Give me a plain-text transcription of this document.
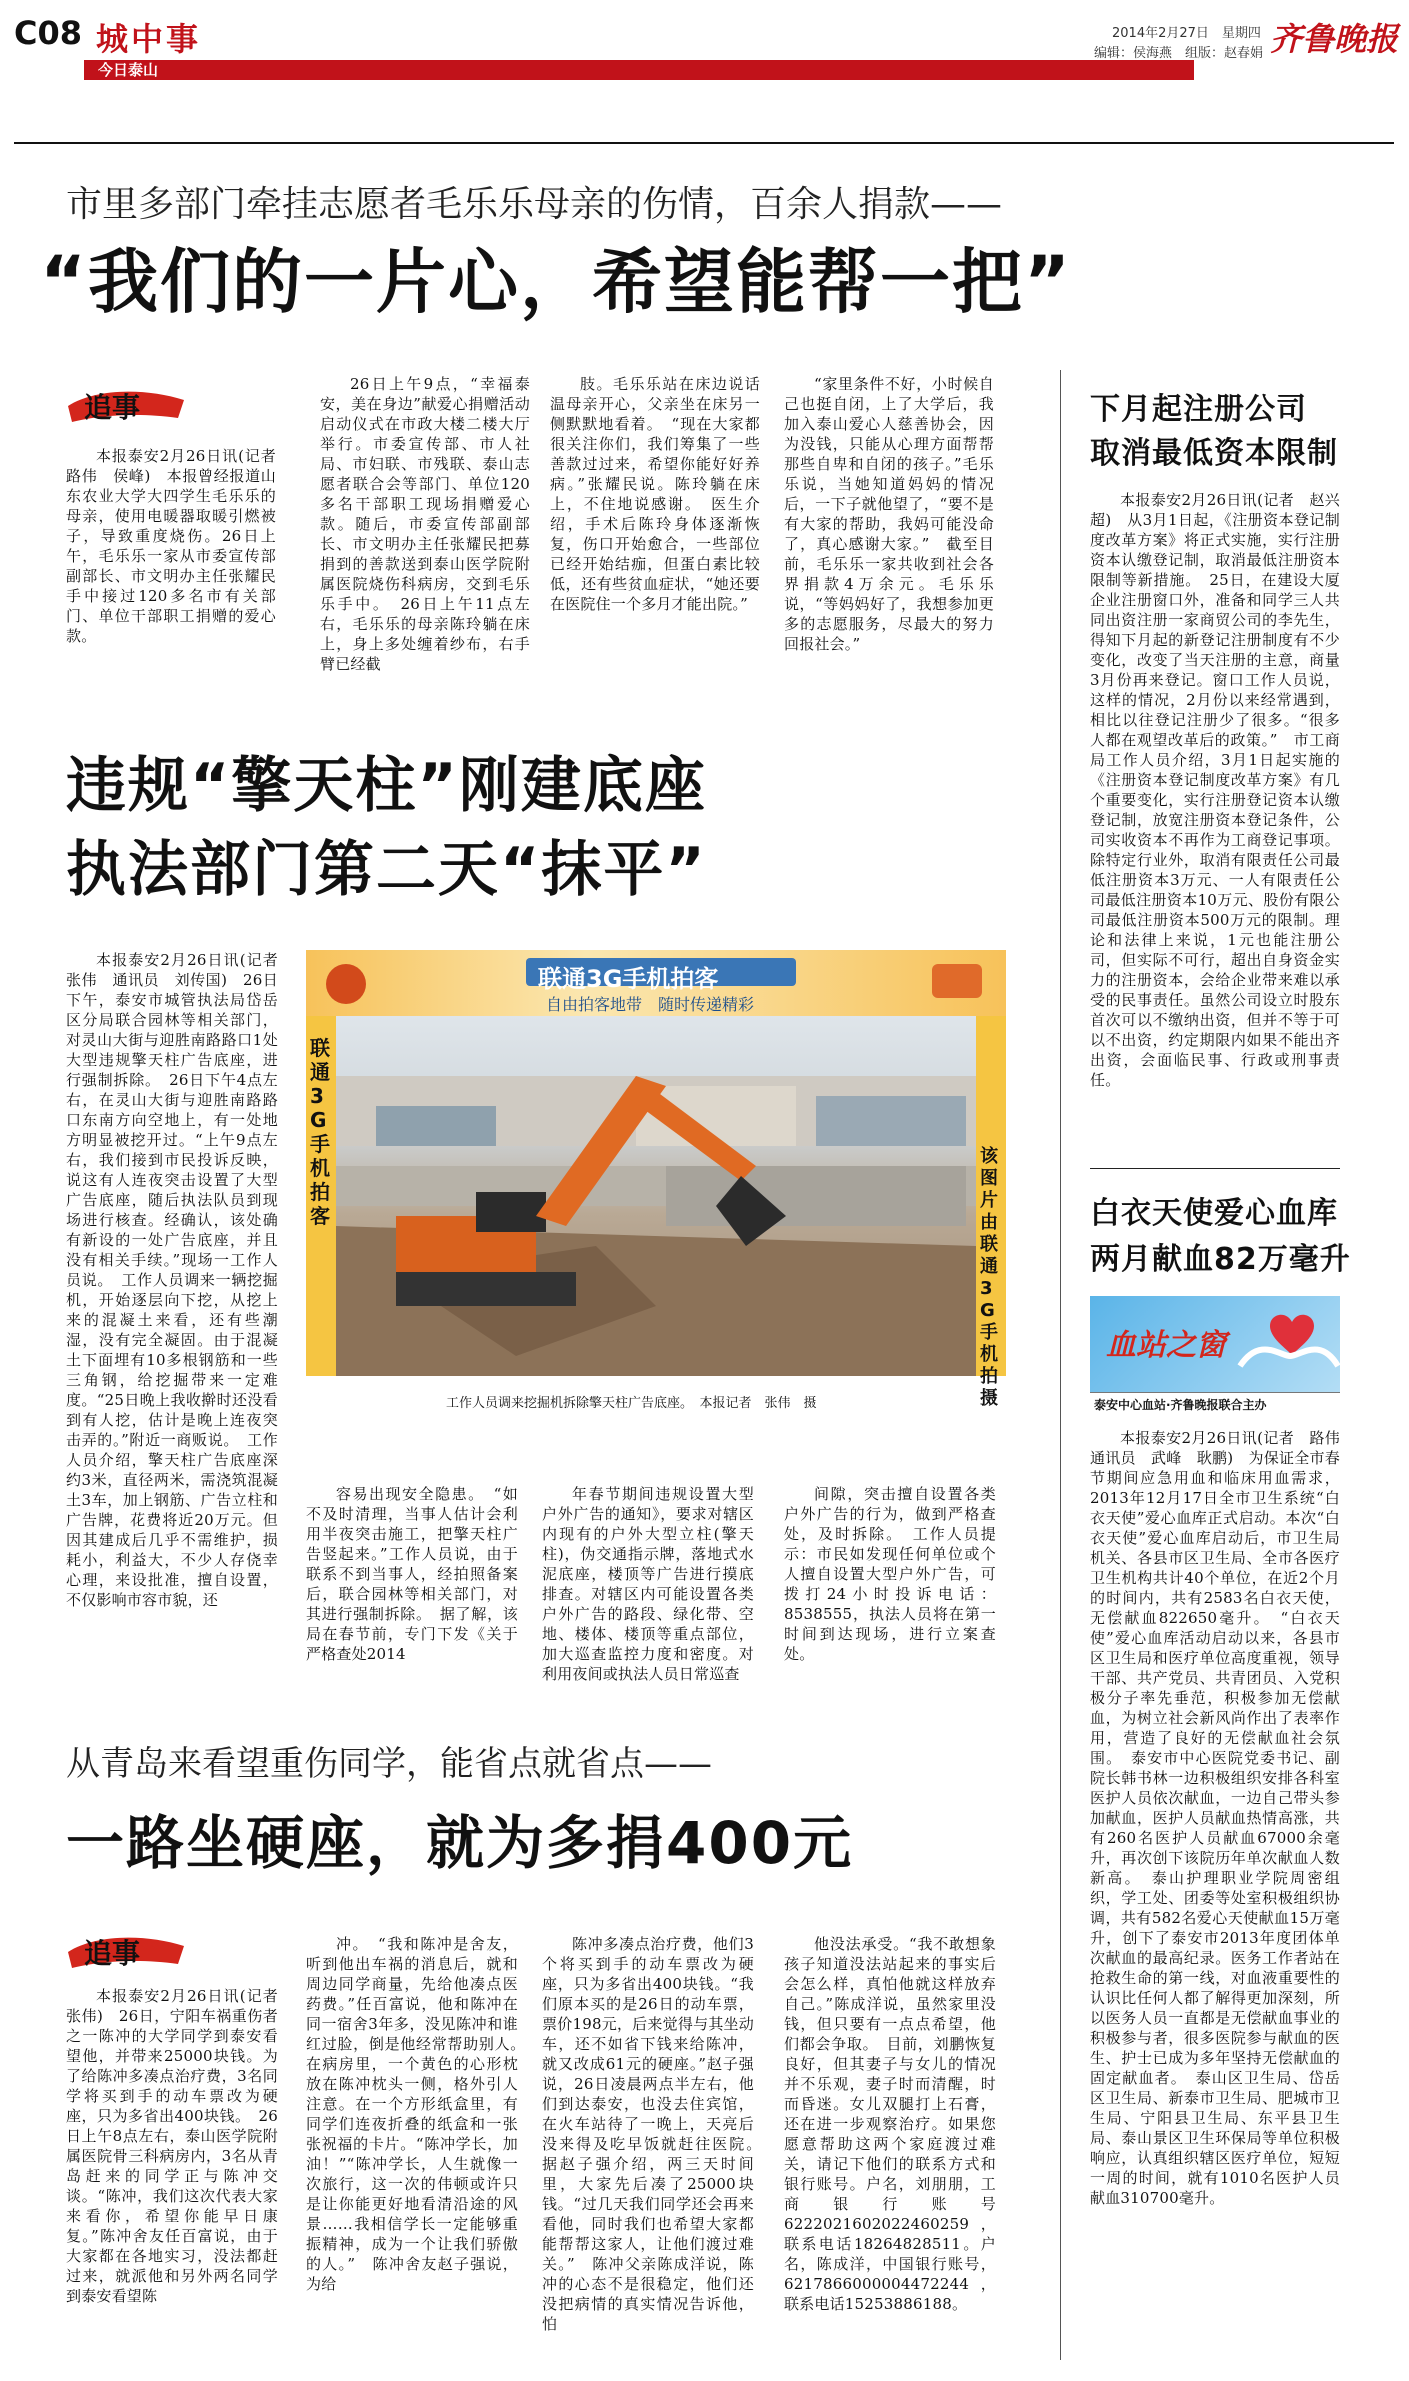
C08 城中事
今日泰山
2014年2月27日　星期四
编辑：侯海燕　组版：赵春娟 齐鲁晚报
市里多部门牵挂志愿者毛乐乐母亲的伤情，百余人捐款——
“我们的一片心，希望能帮一把”
追事

本报泰安2月26日讯(记者　路伟　侯峰)　本报曾经报道山东农业大学大四学生毛乐乐的母亲，使用电暖器取暖引燃被子，导致重度烧伤。26日上午，毛乐乐一家从市委宣传部副部长、市文明办主任张耀民手中接过120多名市有关部门、单位干部职工捐赠的爱心款。

26日上午9点，“幸福泰安，美在身边”献爱心捐赠活动启动仪式在市政大楼二楼大厅举行。市委宣传部、市人社局、市妇联、市残联、泰山志愿者联合会等部门、单位120多名干部职工现场捐赠爱心款。随后，市委宣传部副部长、市文明办主任张耀民把募捐到的善款送到泰山医学院附属医院烧伤科病房，交到毛乐乐手中。　26日上午11点左右，毛乐乐的母亲陈玲躺在床上，身上多处缠着纱布，右手臂已经截

肢。毛乐乐站在床边说话温母亲开心，父亲坐在床另一侧默默地看着。　“现在大家都很关注你们，我们筹集了一些善款过过来，希望你能好好养病。”张耀民说。陈玲躺在床上，不住地说感谢。　医生介绍，手术后陈玲身体逐渐恢复，伤口开始愈合，一些部位已经开始结痂，但蛋白素比较低，还有些贫血症状，“她还要在医院住一个多月才能出院。”

“家里条件不好，小时候自己也挺自闭，上了大学后，我加入泰山爱心人慈善协会，因为没钱，只能从心理方面帮帮那些自卑和自闭的孩子。”毛乐乐说，当她知道妈妈的情况后，一下子就他望了，“要不是有大家的帮助，我妈可能没命了，真心感谢大家。”　截至目前，毛乐乐一家共收到社会各界捐款4万余元。毛乐乐说，“等妈妈好了，我想参加更多的志愿服务，尽最大的努力回报社会。”

违规“擎天柱”刚建底座
执法部门第二天“抹平”

本报泰安2月26日讯(记者　张伟　通讯员　刘传国)　26日下午，泰安市城管执法局岱岳区分局联合园林等相关部门，对灵山大街与迎胜南路路口1处大型违规擎天柱广告底座，进行强制拆除。　26日下午4点左右，在灵山大街与迎胜南路路口东南方向空地上，有一处地方明显被挖开过。“上午9点左右，我们接到市民投诉反映，说这有人连夜突击设置了大型广告底座，随后执法队员到现场进行核查。经确认，该处确有新设的一处广告底座，并且没有相关手续。”现场一工作人员说。　工作人员调来一辆挖掘机，开始逐层向下挖，从挖上来的混凝土来看，还有些潮湿，没有完全凝固。由于混凝土下面埋有10多根钢筋和一些三角钢，给挖掘带来一定难度。“25日晚上我收擀时还没看到有人挖，估计是晚上连夜突击弄的。”附近一商贩说。　工作人员介绍，擎天柱广告底座深约3米，直径两米，需浇筑混凝土3车，加上钢筋、广告立柱和广告牌，花费将近20万元。但因其建成后几乎不需维护，损耗小，利益大，不少人存侥幸心理，来设批准，擅自设置，不仅影响市容市貌，还

联通3G手机拍客
自由拍客地带　随时传递精彩
联通3G手机拍客
该图片由联通3G手机拍摄
工作人员调来挖掘机拆除擎天柱广告底座。　本报记者　张伟　摄

容易出现安全隐患。　“如不及时清理，当事人估计会利用半夜突击施工，把擎天柱广告竖起来。”工作人员说，由于联系不到当事人，经拍照备案后，联合园林等相关部门，对其进行强制拆除。　据了解，该局在春节前，专门下发《关于严格查处2014

年春节期间违规设置大型户外广告的通知》，要求对辖区内现有的户外大型立柱(擎天柱)，伪交通指示牌，落地式水泥底座，楼顶等广告进行摸底排查。对辖区内可能设置各类户外广告的路段、绿化带、空地、楼体、楼顶等重点部位，加大巡查监控力度和密度。对利用夜间或执法人员日常巡查

间隙，突击擅自设置各类户外广告的行为，做到严格查处，及时拆除。　工作人员提示：市民如发现任何单位或个人擅自设置大型户外广告，可拨打24小时投诉电话：8538555，执法人员将在第一时间到达现场，进行立案查处。

从青岛来看望重伤同学，能省点就省点——
一路坐硬座，就为多捐400元
追事

本报泰安2月26日讯(记者　张伟)　26日，宁阳车祸重伤者之一陈冲的大学同学到泰安看望他，并带来25000块钱。为了给陈冲多凑点治疗费，3名同学将买到手的动车票改为硬座，只为多省出400块钱。　26日上午8点左右，泰山医学院附属医院骨三科病房内，3名从青岛赶来的同学正与陈冲交谈。“陈冲，我们这次代表大家来看你，希望你能早日康复。”陈冲舍友任百富说，由于大家都在各地实习，没法都赶过来，就派他和另外两名同学到泰安看望陈

冲。　“我和陈冲是舍友，听到他出车祸的消息后，就和周边同学商量，先给他凑点医药费。”任百富说，他和陈冲在同一宿舍3年多，没见陈冲和谁红过脸，倒是他经常帮助别人。　在病房里，一个黄色的心形枕放在陈冲枕头一侧，格外引人注意。在一个方形纸盒里，有同学们连夜折叠的纸盒和一张张祝福的卡片。“陈冲学长，加油！”“陈冲学长，人生就像一次旅行，这一次的伟顿或许只是让你能更好地看清沿途的风景……我相信学长一定能够重振精神，成为一个让我们骄傲的人。”　陈冲舍友赵子强说，为给

陈冲多凑点治疗费，他们3个将买到手的动车票改为硬座，只为多省出400块钱。“我们原本买的是26日的动车票，票价198元，后来觉得与其坐动车，还不如省下钱来给陈冲，就又改成61元的硬座。”赵子强说，26日凌晨两点半左右，他们到达泰安，也没去住宾馆，在火车站待了一晚上，天亮后没来得及吃早饭就赶往医院。　据赵子强介绍，两三天时间里，大家先后凑了25000块钱。“过几天我们同学还会再来看他，同时我们也希望大家都能帮帮这家人，让他们渡过难关。”　陈冲父亲陈成洋说，陈冲的心态不是很稳定，他们还没把病情的真实情况告诉他，怕

他没法承受。“我不敢想象孩子知道没法站起来的事实后会怎么样，真怕他就这样放弃自己。”陈成洋说，虽然家里没钱，但只要有一点点希望，他们都会争取。　目前，刘鹏恢复良好，但其妻子与女儿的情况并不乐观，妻子时而清醒，时而昏迷。女儿双腿打上石膏，还在进一步观察治疗。如果您愿意帮助这两个家庭渡过难关，请记下他们的联系方式和银行账号。户名，刘朋朋，工商银行账号6222021602022460259，联系电话18264828511。户名，陈成洋，中国银行账号，6217866000004472244，联系电话15253886188。

下月起注册公司
取消最低资本限制

本报泰安2月26日讯(记者　赵兴超)　从3月1日起，《注册资本登记制度改革方案》将正式实施，实行注册资本认缴登记制，取消最低注册资本限制等新措施。　25日，在建设大厦企业注册窗口外，准备和同学三人共同出资注册一家商贸公司的李先生，得知下月起的新登记注册制度有不少变化，改变了当天注册的主意，商量3月份再来登记。窗口工作人员说，这样的情况，2月份以来经常遇到，相比以往登记注册少了很多。“很多人都在观望改革后的政策。”　市工商局工作人员介绍，3月1日起实施的《注册资本登记制度改革方案》有几个重要变化，实行注册登记资本认缴登记制，放宽注册资本登记条件，公司实收资本不再作为工商登记事项。除特定行业外，取消有限责任公司最低注册资本3万元、一人有限责任公司最低注册资本10万元、股份有限公司最低注册资本500万元的限制。理论和法律上来说，1元也能注册公司，但实际不可行，超出自身资金实力的注册资本，会给企业带来难以承受的民事责任。虽然公司设立时股东首次可以不缴纳出资，但并不等于可以不出资，约定期限内如果不能出齐出资，会面临民事、行政或刑事责任。

白衣天使爱心血库
两月献血82万毫升
血站之窗
泰安中心血站·齐鲁晚报联合主办

本报泰安2月26日讯(记者　路伟　通讯员　武峰　耿鹏)　为保证全市春节期间应急用血和临床用血需求，2013年12月17日全市卫生系统“白衣天使”爱心血库正式启动。本次“白衣天使”爱心血库启动后，市卫生局机关、各县市区卫生局、全市各医疗卫生机构共计40个单位，在近2个月的时间内，共有2583名白衣天使，无偿献血822650毫升。　“白衣天使”爱心血库活动启动以来，各县市区卫生局和医疗单位高度重视，领导干部、共产党员、共青团员、入党积极分子率先垂范，积极参加无偿献血，为树立社会新风尚作出了表率作用，营造了良好的无偿献血社会氛围。　泰安市中心医院党委书记、副院长韩书林一边积极组织安排各科室医护人员依次献血，一边自己带头参加献血，医护人员献血热情高涨，共有260名医护人员献血67000余毫升，再次创下该院历年单次献血人数新高。　泰山护理职业学院周密组织，学工处、团委等处室积极组织协调，共有582名爱心天使献血15万毫升，创下了泰安市2013年度团体单次献血的最高纪录。医务工作者站在抢救生命的第一线，对血液重要性的认识比任何人都了解得更加深刻，所以医务人员一直都是无偿献血事业的积极参与者，很多医院参与献血的医生、护士已成为多年坚持无偿献血的固定献血者。　泰山区卫生局、岱岳区卫生局、新泰市卫生局、肥城市卫生局、宁阳县卫生局、东平县卫生局、泰山景区卫生环保局等单位积极响应，认真组织辖区医疗单位，短短一周的时间，就有1010名医护人员献血310700毫升。
